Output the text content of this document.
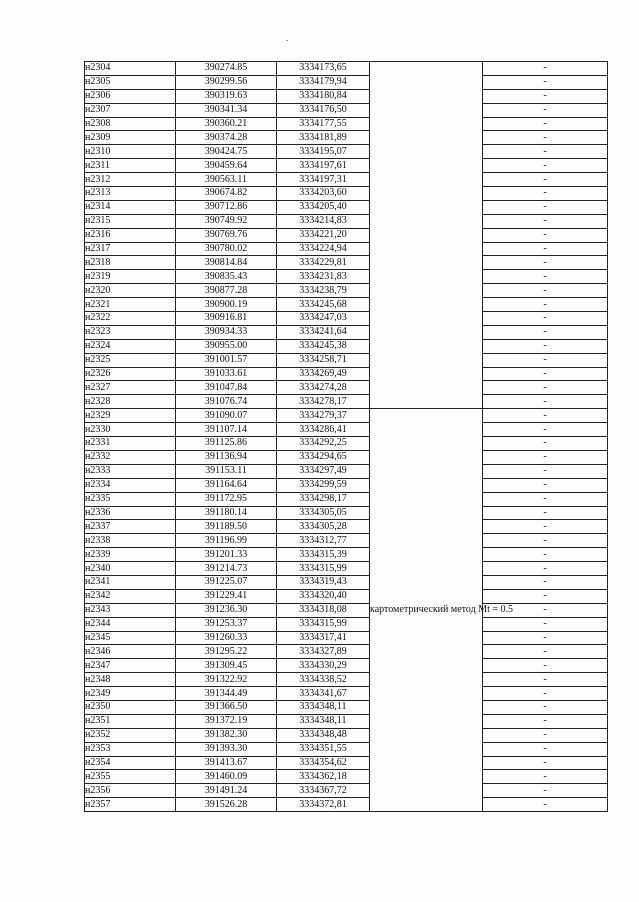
н2304	390274.85	3334173,65		-
н2305	390299.56	3334179,94		-
н2306	390319.63	3334180,84		-
н2307	390341.34	3334176,50		-
н2308	390360.21	3334177,55		-
н2309	390374.28	3334181,89		-
н2310	390424.75	3334195,07		-
н2311	390459.64	3334197,61		-
н2312	390563.11	3334197,31		-
н2313	390674.82	3334203,60		-
н2314	390712.86	3334205,40		-
н2315	390749.92	3334214,83		-
н2316	390769.76	3334221,20		-
н2317	390780.02	3334224,94		-
н2318	390814.84	3334229,81		-
н2319	390835.43	3334231,83		-
н2320	390877.28	3334238,79		-
н2321	390900.19	3334245,68		-
н2322	390916.81	3334247,03		-
н2323	390934.33	3334241,64		-
н2324	390955.00	3334245,38		-
н2325	391001.57	3334258,71		-
н2326	391033.61	3334269,49		-
н2327	391047.84	3334274,28		-
н2328	391076.74	3334278,17		-
н2329	391090.07	3334279,37	картометрический метод Mt = 0.5	-
н2330	391107.14	3334286,41		-
н2331	391125.86	3334292,25		-
н2332	391136.94	3334294,65		-
н2333	391153.11	3334297,49		-
н2334	391164.64	3334299,59		-
н2335	391172.95	3334298,17		-
н2336	391180.14	3334305,05		-
н2337	391189.50	3334305,28		-
н2338	391196.99	3334312,77		-
н2339	391201.33	3334315,39		-
н2340	391214.73	3334315,99		-
н2341	391225.07	3334319,43		-
н2342	391229.41	3334320,40		-
н2343	391236.30	3334318,08		-
н2344	391253.37	3334315,99		-
н2345	391260.33	3334317,41		-
н2346	391295.22	3334327,89		-
н2347	391309.45	3334330,29		-
н2348	391322.92	3334338,52		-
н2349	391344.49	3334341,67		-
н2350	391366.50	3334348,11		-
н2351	391372.19	3334348,11		-
н2352	391382.30	3334348,48		-
н2353	391393.30	3334351,55		-
н2354	391413.67	3334354,62		-
н2355	391460.09	3334362,18		-
н2356	391491.24	3334367,72		-
н2357	391526.28	3334372,81		-
